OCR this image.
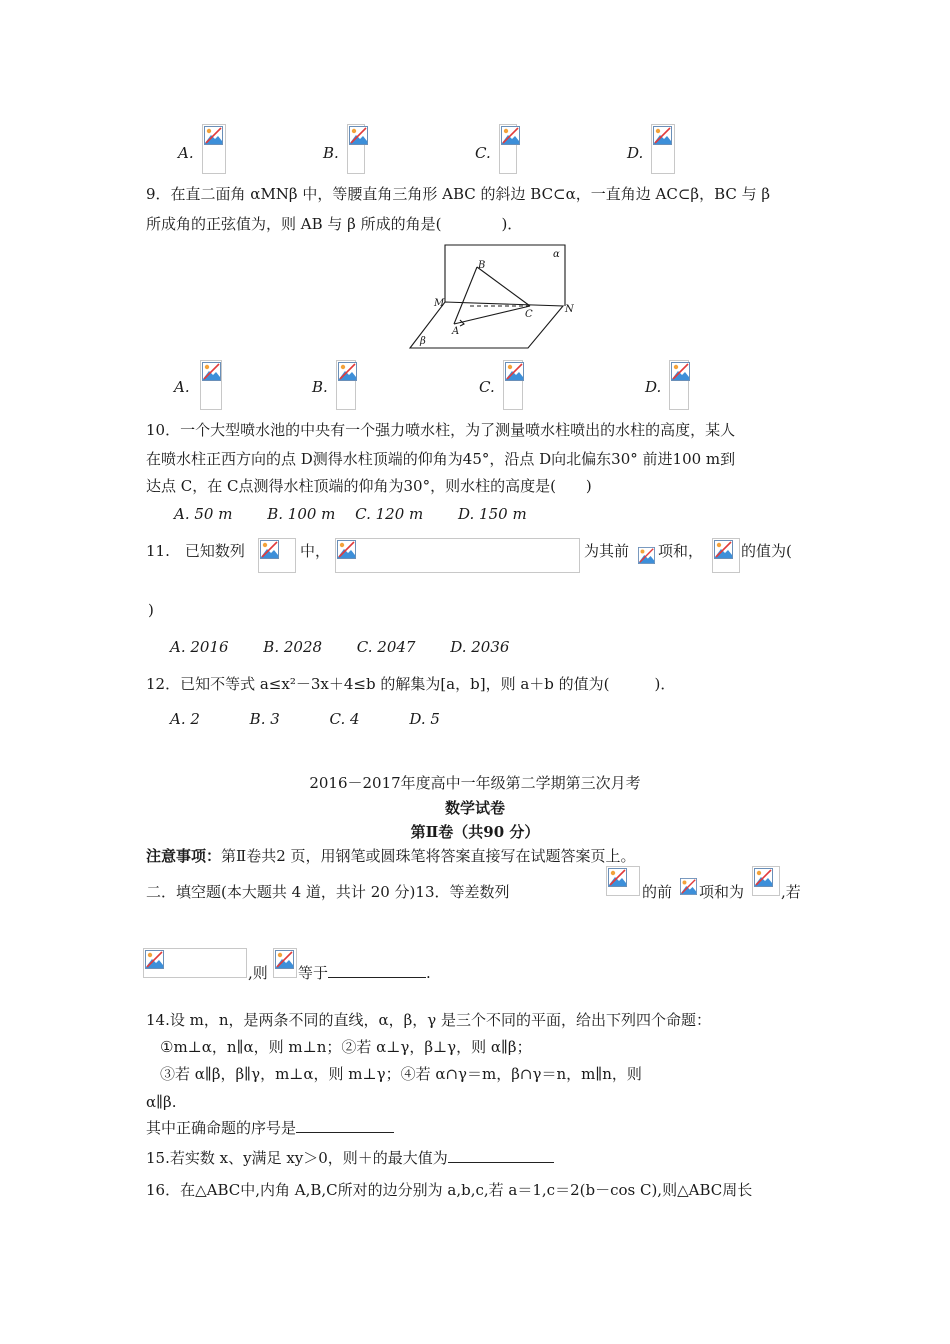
A.	B.	C.	D.
9．在直二面角 αMNβ 中，等腰直角三角形 ABC 的斜边 BC⊂α，一直角边 AC⊂β，BC 与 β
所成角的正弦值为，则 AB 与 β 所成的角是(　　　　)．
α
B
M
N
C
A
β
A.	B.	C.	D.
10．一个大型喷水池的中央有一个强力喷水柱，为了测量喷水柱喷出的水柱的高度，某人
在喷水柱正西方向的点 D测得水柱顶端的仰角为45°，沿点 D向北偏东30° 前进100 m到
达点 C，在 C点测得水柱顶端的仰角为30°，则水柱的高度是(　　)
A. 50 m　　 B. 100 m　 C. 120 m　　 D. 150 m
11.　已知数列	中，	为其前 项和，	的值为(
)
A. 2016　　 B. 2028　　 C. 2047　　 D. 2036
12．已知不等式 a≤x²－3x＋4≤b 的解集为[a，b]，则 a＋b 的值为(　　　)．
A. 2　　　 B. 3　　　 C. 4　　　 D. 5
2016－2017年度高中一年级第二学期第三次月考
数学试卷
第Ⅱ卷（共90 分）
注意事项：第Ⅱ卷共2 页，用钢笔或圆珠笔将答案直接写在试题答案页上。
二．填空题(本大题共 4 道，共计 20 分)13．等差数列	的前 项和为 ,若
,则 等于	.
14.设 m，n，是两条不同的直线，α，β，γ 是三个不同的平面，给出下列四个命题：
①m⊥α，n∥α，则 m⊥n；②若 α⊥γ，β⊥γ，则 α∥β；
③若 α∥β，β∥γ，m⊥α，则 m⊥γ；④若 α∩γ＝m，β∩γ＝n，m∥n，则
α∥β.
其中正确命题的序号是
15.若实数 x、y满足 xy＞0，则＋的最大值为
16．在△ABC中,内角 A,B,C所对的边分别为 a,b,c,若 a＝1,c＝2(b－cos C),则△ABC周长
